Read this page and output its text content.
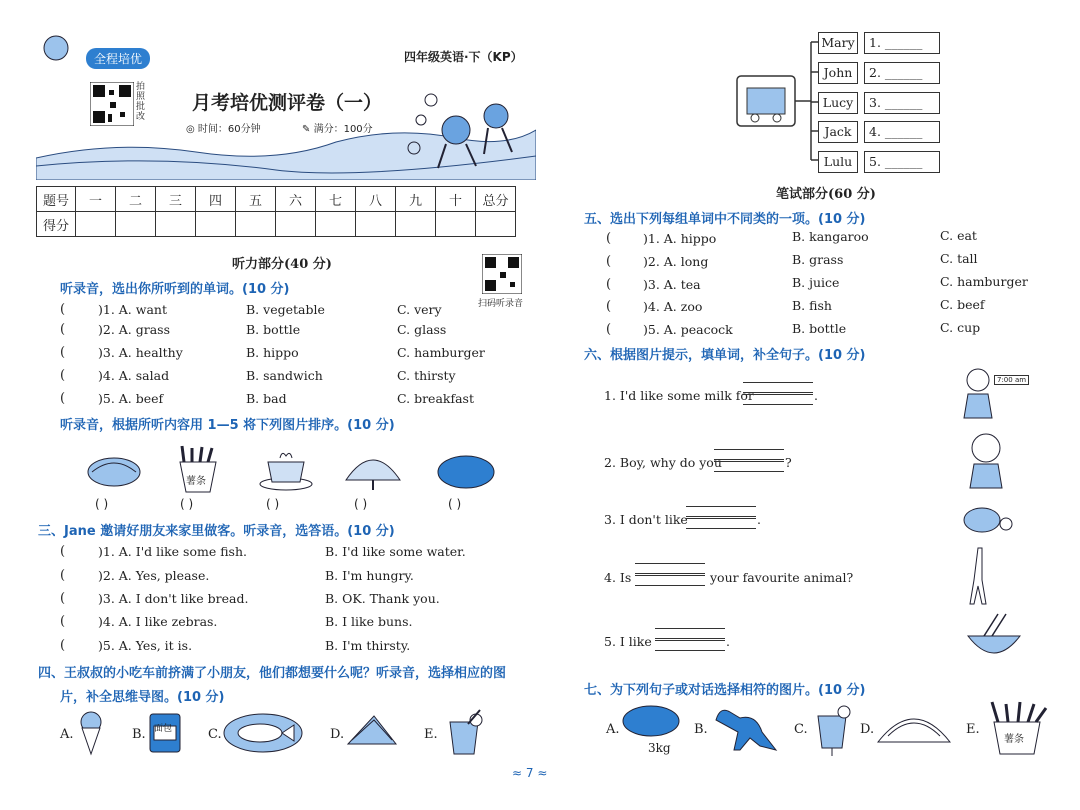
全程培优
拍照批改
四年级英语·下（KP）
月考培优测评卷（一）
◎ 时间：60分钟	✎ 满分：100分
题号	一	二	三	四	五	六	七	八	九	十	总分
得分											
听力部分(40 分)
扫码听录音
听录音，选出你所听到的单词。(10 分)
(	)1. A. want	B. vegetable	C. very
(	)2. A. grass	B. bottle	C. glass
(	)3. A. healthy	B. hippo	C. hamburger
(	)4. A. salad	B. sandwich	C. thirsty
(	)5. A. beef	B. bad	C. breakfast
听录音，根据所听内容用 1—5 将下列图片排序。(10 分)
薯条
( )	( )	( )	( )	( )
三、Jane 邀请好朋友来家里做客。听录音，选答语。(10 分)
(	)1. A. I'd like some fish.	B. I'd like some water.
(	)2. A. Yes, please.	B. I'm hungry.
(	)3. A. I don't like bread.	B. OK. Thank you.
(	)4. A. I like zebras.	B. I like buns.
(	)5. A. Yes, it is.	B. I'm thirsty.
四、王叔叔的小吃车前挤满了小朋友，他们都想要什么呢？听录音，选择相应的图
片，补全思维导图。(10 分)
A.	B. 面包	C.	D.	E.
Mary
John
Lucy
Jack
Lulu
1. ______
2. ______
3. ______
4. ______
5. ______
笔试部分(60 分)
五、选出下列每组单词中不同类的一项。(10 分)
(	)1. A. hippo	B. kangaroo	C. eat
(	)2. A. long	B. grass	C. tall
(	)3. A. tea	B. juice	C. hamburger
(	)4. A. zoo	B. fish	C. beef
(	)5. A. peacock	B. bottle	C. cup
六、根据图片提示，填单词，补全句子。(10 分)
1. I'd like some milk for	.
7:00 am
2. Boy, why do you	?
3. I don't like	.
4. Is	your favourite animal?
5. I like	.
七、为下列句子或对话选择相符的图片。(10 分)
A.
3kg
B.	C.	D.	E.
薯条
≈ 7 ≈
